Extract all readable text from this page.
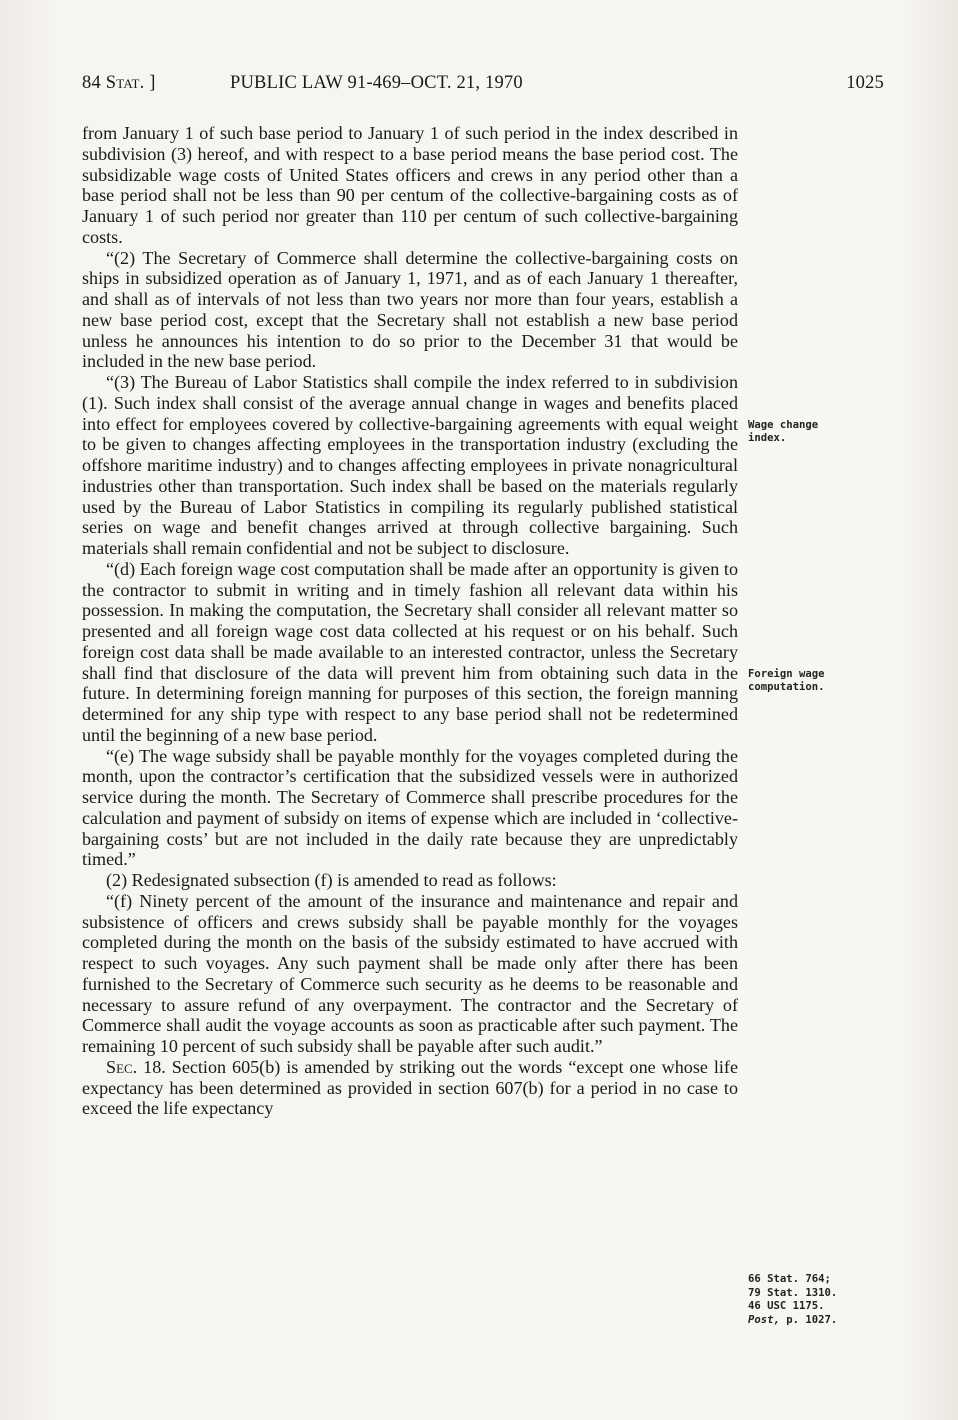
84 Stat. ]	PUBLIC LAW 91-469–OCT. 21, 1970	1025

from January 1 of such base period to January 1 of such period in the index described in subdivision (3) hereof, and with respect to a base period means the base period cost. The subsidizable wage costs of United States officers and crews in any period other than a base period shall not be less than 90 per centum of the collective-bargaining costs as of January 1 of such period nor greater than 110 per centum of such collective-bargaining costs.

“(2) The Secretary of Commerce shall determine the collective-bargaining costs on ships in subsidized operation as of January 1, 1971, and as of each January 1 thereafter, and shall as of intervals of not less than two years nor more than four years, establish a new base period cost, except that the Secretary shall not establish a new base period unless he announces his intention to do so prior to the December 31 that would be included in the new base period.

“(3) The Bureau of Labor Statistics shall compile the index referred to in subdivision (1). Such index shall consist of the average annual change in wages and benefits placed into effect for employees covered by collective-bargaining agreements with equal weight to be given to changes affecting employees in the transportation industry (excluding the offshore maritime industry) and to changes affecting employees in private nonagricultural industries other than transportation. Such index shall be based on the materials regularly used by the Bureau of Labor Statistics in compiling its regularly published statistical series on wage and benefit changes arrived at through collective bargaining. Such materials shall remain confidential and not be subject to disclosure.

“(d) Each foreign wage cost computation shall be made after an opportunity is given to the contractor to submit in writing and in timely fashion all relevant data within his possession. In making the computation, the Secretary shall consider all relevant matter so presented and all foreign wage cost data collected at his request or on his behalf. Such foreign cost data shall be made available to an interested contractor, unless the Secretary shall find that disclosure of the data will prevent him from obtaining such data in the future. In determining foreign manning for purposes of this section, the foreign manning determined for any ship type with respect to any base period shall not be redetermined until the beginning of a new base period.

“(e) The wage subsidy shall be payable monthly for the voyages completed during the month, upon the contractor’s certification that the subsidized vessels were in authorized service during the month. The Secretary of Commerce shall prescribe procedures for the calculation and payment of subsidy on items of expense which are included in ‘collective-bargaining costs’ but are not included in the daily rate because they are unpredictably timed.”

(2) Redesignated subsection (f) is amended to read as follows:

“(f) Ninety percent of the amount of the insurance and maintenance and repair and subsistence of officers and crews subsidy shall be payable monthly for the voyages completed during the month on the basis of the subsidy estimated to have accrued with respect to such voyages. Any such payment shall be made only after there has been furnished to the Secretary of Commerce such security as he deems to be reasonable and necessary to assure refund of any overpayment. The contractor and the Secretary of Commerce shall audit the voyage accounts as soon as practicable after such payment. The remaining 10 percent of such subsidy shall be payable after such audit.”

Sec. 18. Section 605(b) is amended by striking out the words “except one whose life expectancy has been determined as provided in section 607(b) for a period in no case to exceed the life expectancy

Wage change
index.
Foreign wage
computation.
66 Stat. 764;
79 Stat. 1310.
46 USC 1175.
Post, p. 1027.
